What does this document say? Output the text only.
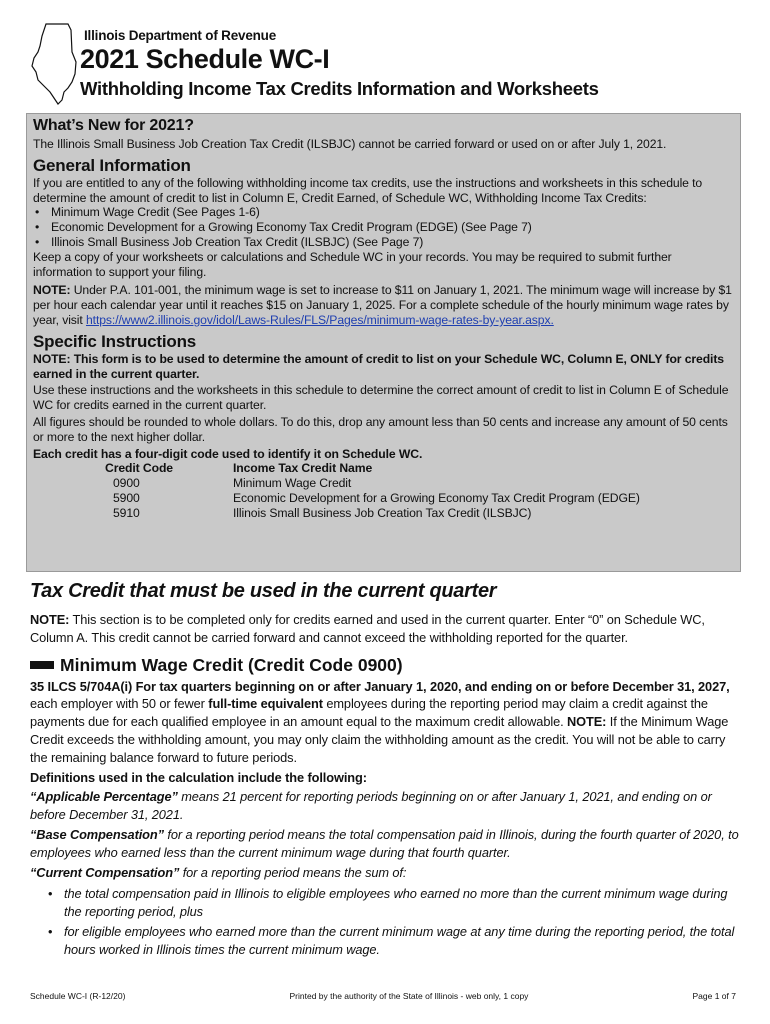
Illinois Department of Revenue
2021 Schedule WC-I
Withholding Income Tax Credits Information and Worksheets
What’s New for 2021?

The Illinois Small Business Job Creation Tax Credit (ILSBJC) cannot be carried forward or used on or after July 1, 2021.

General Information

If you are entitled to any of the following withholding income tax credits, use the instructions and worksheets in this schedule to determine the amount of credit to list in Column E, Credit Earned, of Schedule WC, Withholding Income Tax Credits:

• Minimum Wage Credit (See Pages 1-6)
• Economic Development for a Growing Economy Tax Credit Program (EDGE) (See Page 7)
• Illinois Small Business Job Creation Tax Credit (ILSBJC) (See Page 7)

Keep a copy of your worksheets or calculations and Schedule WC in your records. You may be required to submit further information to support your filing.

NOTE: Under P.A. 101-001, the minimum wage is set to increase to $11 on January 1, 2021. The minimum wage will increase by $1 per hour each calendar year until it reaches $15 on January 1, 2025. For a complete schedule of the hourly minimum wage rates by year, visit https://www2.illinois.gov/idol/Laws-Rules/FLS/Pages/minimum-wage-rates-by-year.aspx.

Specific Instructions

NOTE: This form is to be used to determine the amount of credit to list on your Schedule WC, Column E, ONLY for credits earned in the current quarter.

Use these instructions and the worksheets in this schedule to determine the correct amount of credit to list in Column E of Schedule WC for credits earned in the current quarter.

All figures should be rounded to whole dollars. To do this, drop any amount less than 50 cents and increase any amount of 50 cents or more to the next higher dollar.

Each credit has a four-digit code used to identify it on Schedule WC.

Credit Code	Income Tax Credit Name
0900	Minimum Wage Credit
5900	Economic Development for a Growing Economy Tax Credit Program (EDGE)
5910	Illinois Small Business Job Creation Tax Credit (ILSBJC)
Tax Credit that must be used in the current quarter

NOTE: This section is to be completed only for credits earned and used in the current quarter. Enter “0” on Schedule WC, Column A. This credit cannot be carried forward and cannot exceed the withholding reported for the quarter.

Minimum Wage Credit (Credit Code 0900)

35 ILCS 5/704A(i) For tax quarters beginning on or after January 1, 2020, and ending on or before December 31, 2027, each employer with 50 or fewer full-time equivalent employees during the reporting period may claim a credit against the payments due for each qualified employee in an amount equal to the maximum credit allowable. NOTE: If the Minimum Wage Credit exceeds the withholding amount, you may only claim the withholding amount as the credit. You will not be able to carry the remaining balance forward to future periods.

Definitions used in the calculation include the following:

“Applicable Percentage” means 21 percent for reporting periods beginning on or after January 1, 2021, and ending on or before December 31, 2021.

“Base Compensation” for a reporting period means the total compensation paid in Illinois, during the fourth quarter of 2020, to employees who earned less than the current minimum wage during that fourth quarter.

“Current Compensation” for a reporting period means the sum of:

• the total compensation paid in Illinois to eligible employees who earned no more than the current minimum wage during the reporting period, plus
• for eligible employees who earned more than the current minimum wage at any time during the reporting period, the total hours worked in Illinois times the current minimum wage.
Schedule WC-I (R-12/20)	Printed by the authority of the State of Illinois - web only, 1 copy	Page 1 of 7
